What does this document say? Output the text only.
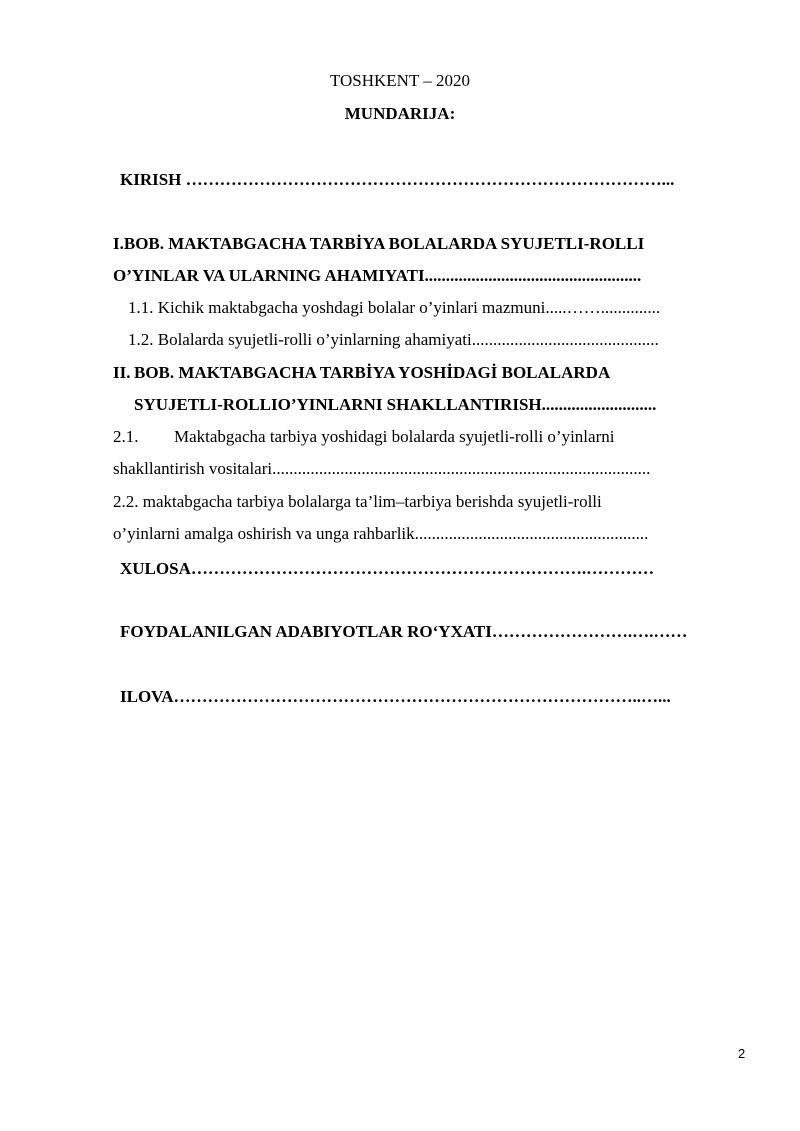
TOSHKENT – 2020
MUNDARIJA:
KIRISH …………………………………………………………………………...
I.BOB. MAKTABGACHA TARBİYA BOLALARDA SYUJETLI-ROLLI
O’YINLAR VA ULARNING AHAMIYATI...................................................
1.1. Kichik maktabgacha yoshdagi bolalar o’yinlari mazmuni.....……..............
1.2. Bolalarda syujetli-rolli o’yinlarning ahamiyati............................................
II. BOB. MAKTABGACHA TARBİYA YOSHİDAGİ BOLALARDA
SYUJETLI-ROLLIO’YINLARNI SHAKLLANTIRISH...........................
2.1. Maktabgacha tarbiya yoshidagi bolalarda syujetli-rolli o’yinlarni
shakllantirish vositalari.........................................................................................
2.2. maktabgacha tarbiya bolalarga ta’lim–tarbiya berishda syujetli-rolli
o’yinlarni amalga oshirish va unga rahbarlik.......................................................
XULOSA…………………………………………………………….…………
FOYDALANILGAN ADABIYOTLAR RO‘YXATI…………………….….……
ILOVA………………………………………………………………………..…...
2
